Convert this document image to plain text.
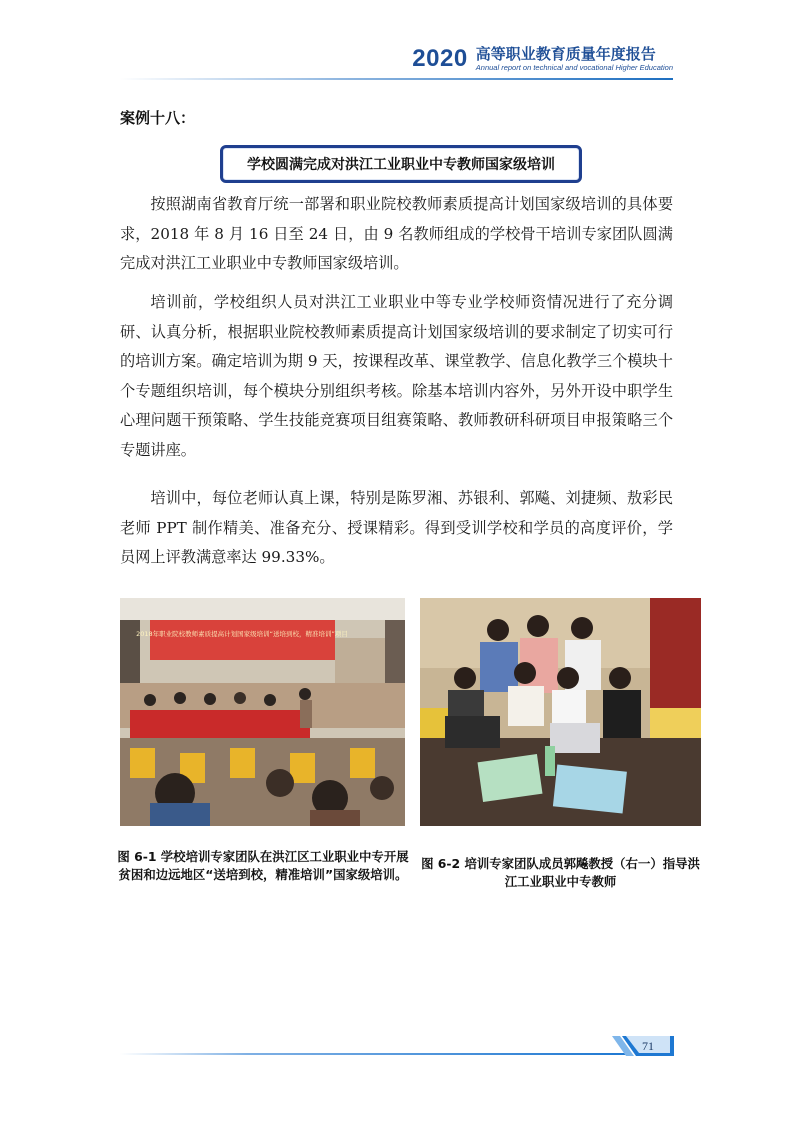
2020 高等职业教育质量年度报告
Annual report on technical and vocational Higher Education
案例十八：
学校圆满完成对洪江工业职业中专教师国家级培训

按照湖南省教育厅统一部署和职业院校教师素质提高计划国家级培训的具体要求，2018 年 8 月 16 日至 24 日，由 9 名教师组成的学校骨干培训专家团队圆满完成对洪江工业职业中专教师国家级培训。

培训前，学校组织人员对洪江工业职业中等专业学校师资情况进行了充分调研、认真分析，根据职业院校教师素质提高计划国家级培训的要求制定了切实可行的培训方案。确定培训为期 9 天，按课程改革、课堂教学、信息化教学三个模块十个专题组织培训，每个模块分别组织考核。除基本培训内容外，另外开设中职学生心理问题干预策略、学生技能竞赛项目组赛策略、教师教研科研项目申报策略三个专题讲座。

培训中，每位老师认真上课，特别是陈罗湘、苏银利、郭飚、刘捷频、敖彩民老师 PPT 制作精美、准备充分、授课精彩。得到受训学校和学员的高度评价，学员网上评教满意率达 99.33%。

2018年职业院校教师素质提高计划国家级培训“送培到校，精准培训”项目
图 6-1 学校培训专家团队在洪江区工业职业中专开展贫困和边远地区“送培到校，精准培训”国家级培训。
图 6-2 培训专家团队成员郭飚教授（右一）指导洪江工业职业中专教师
71
